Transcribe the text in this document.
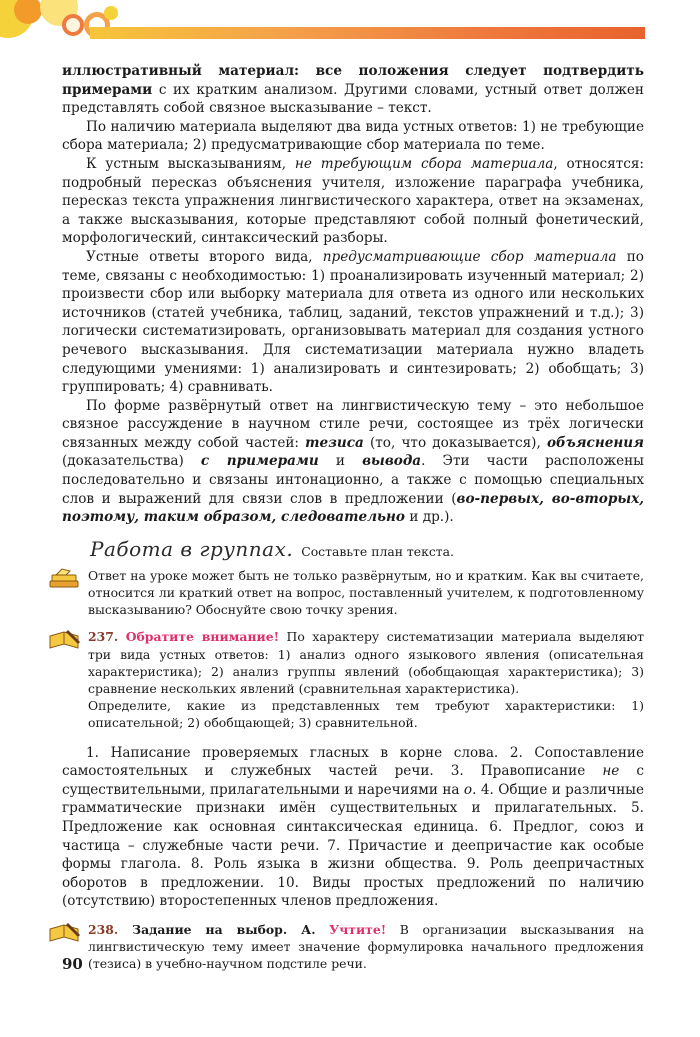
иллюстративный материал: все положения следует подтвердить примерами с их кратким анализом. Другими словами, устный ответ должен представлять собой связное высказывание – текст.

По наличию материала выделяют два вида устных ответов: 1) не требующие сбора материала; 2) предусматривающие сбор материала по теме.

К устным высказываниям, не требующим сбора материала, относятся: подробный пересказ объяснения учителя, изложение параграфа учебника, пересказ текста упражнения лингвистического характера, ответ на экзаменах, а также высказывания, которые представляют собой полный фонетический, морфологический, синтаксический разборы.

Устные ответы второго вида, предусматривающие сбор материала по теме, связаны с необходимостью: 1) проанализировать изученный материал; 2) произвести сбор или выборку материала для ответа из одного или нескольких источников (статей учебника, таблиц, заданий, текстов упражнений и т.д.); 3) логически систематизировать, организовывать материал для создания устного речевого высказывания. Для систематизации материала нужно владеть следующими умениями: 1) анализировать и синтезировать; 2) обобщать; 3) группировать; 4) сравнивать.

По форме развёрнутый ответ на лингвистическую тему – это небольшое связное рассуждение в научном стиле речи, состоящее из трёх логически связанных между собой частей: тезиса (то, что доказывается), объяснения (доказательства) с примерами и вывода. Эти части расположены последовательно и связаны интонационно, а также с помощью специальных слов и выражений для связи слов в предложении (во-первых, во-вторых, поэтому, таким образом, следовательно и др.).

Работа в группах. Составьте план текста.

Ответ на уроке может быть не только развёрнутым, но и кратким. Как вы считаете, относится ли краткий ответ на вопрос, поставленный учителем, к подготовленному высказыванию? Обоснуйте свою точку зрения.

237. Обратите внимание! По характеру систематизации материала выделяют три вида устных ответов: 1) анализ одного языкового явления (описательная характеристика); 2) анализ группы явлений (обобщающая характеристика); 3) сравнение нескольких явлений (сравнительная характеристика).

Определите, какие из представленных тем требуют характеристики: 1) описательной; 2) обобщающей; 3) сравнительной.

1. Написание проверяемых гласных в корне слова. 2. Сопоставление самостоятельных и служебных частей речи. 3. Правописание не с существительными, прилагательными и наречиями на о. 4. Общие и различные грамматические признаки имён существительных и прилагательных. 5. Предложение как основная синтаксическая единица. 6. Предлог, союз и частица – служебные части речи. 7. Причастие и деепричастие как особые формы глагола. 8. Роль языка в жизни общества. 9. Роль деепричастных оборотов в предложении. 10. Виды простых предложений по наличию (отсутствию) второстепенных членов предложения.

238. Задание на выбор. А. Учтите! В организации высказывания на лингвистическую тему имеет значение формулировка начального предложения (тезиса) в учебно-научном подстиле речи.

90
